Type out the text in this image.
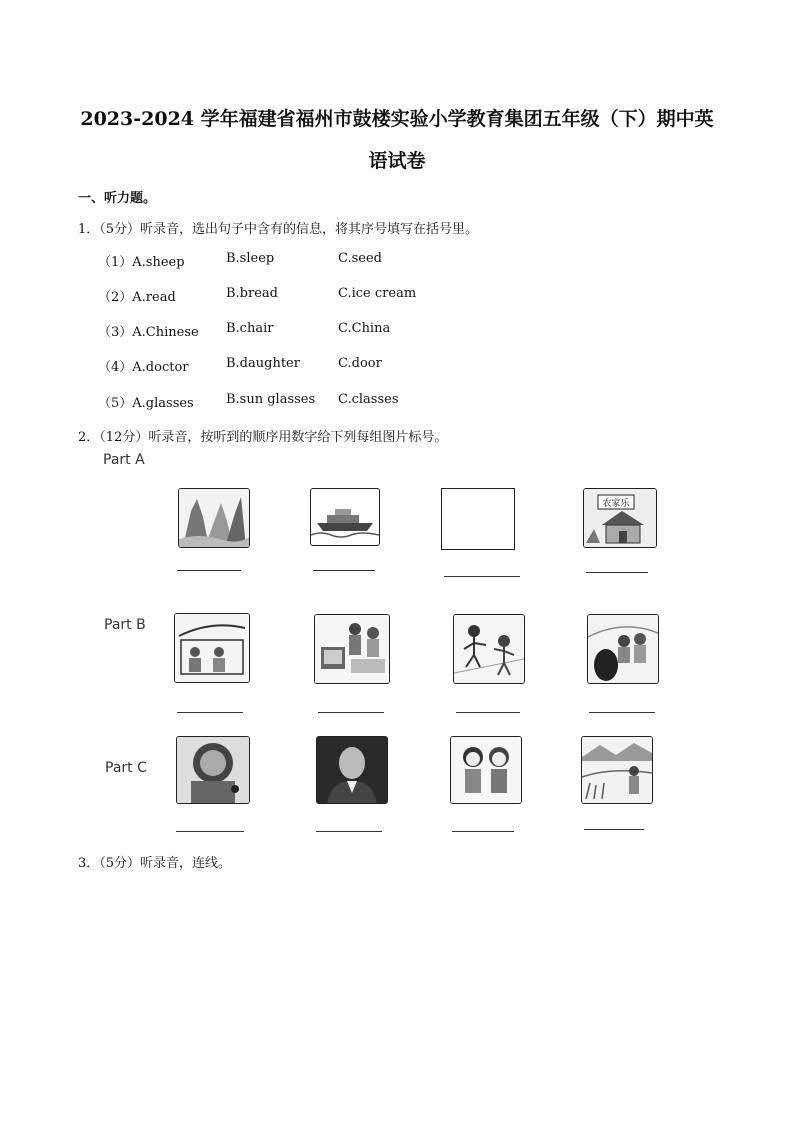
2023-2024 学年福建省福州市鼓楼实验小学教育集团五年级（下）期中英
语试卷
一、听力题。
1．（5分）听录音，选出句子中含有的信息，将其序号填写在括号里。
（1）A.sheep	B.sleep	C.seed
（2）A.read	B.bread	C.ice cream
（3）A.Chinese B.chair	C.China
（4）A.doctor	B.daughter	C.door
（5）A.glasses B.sun glasses C.classes
2．（12分）听录音，按听到的顺序用数字给下列每组图片标号。
Part A
农家乐
Part B
Part C
3．（5分）听录音，连线。
